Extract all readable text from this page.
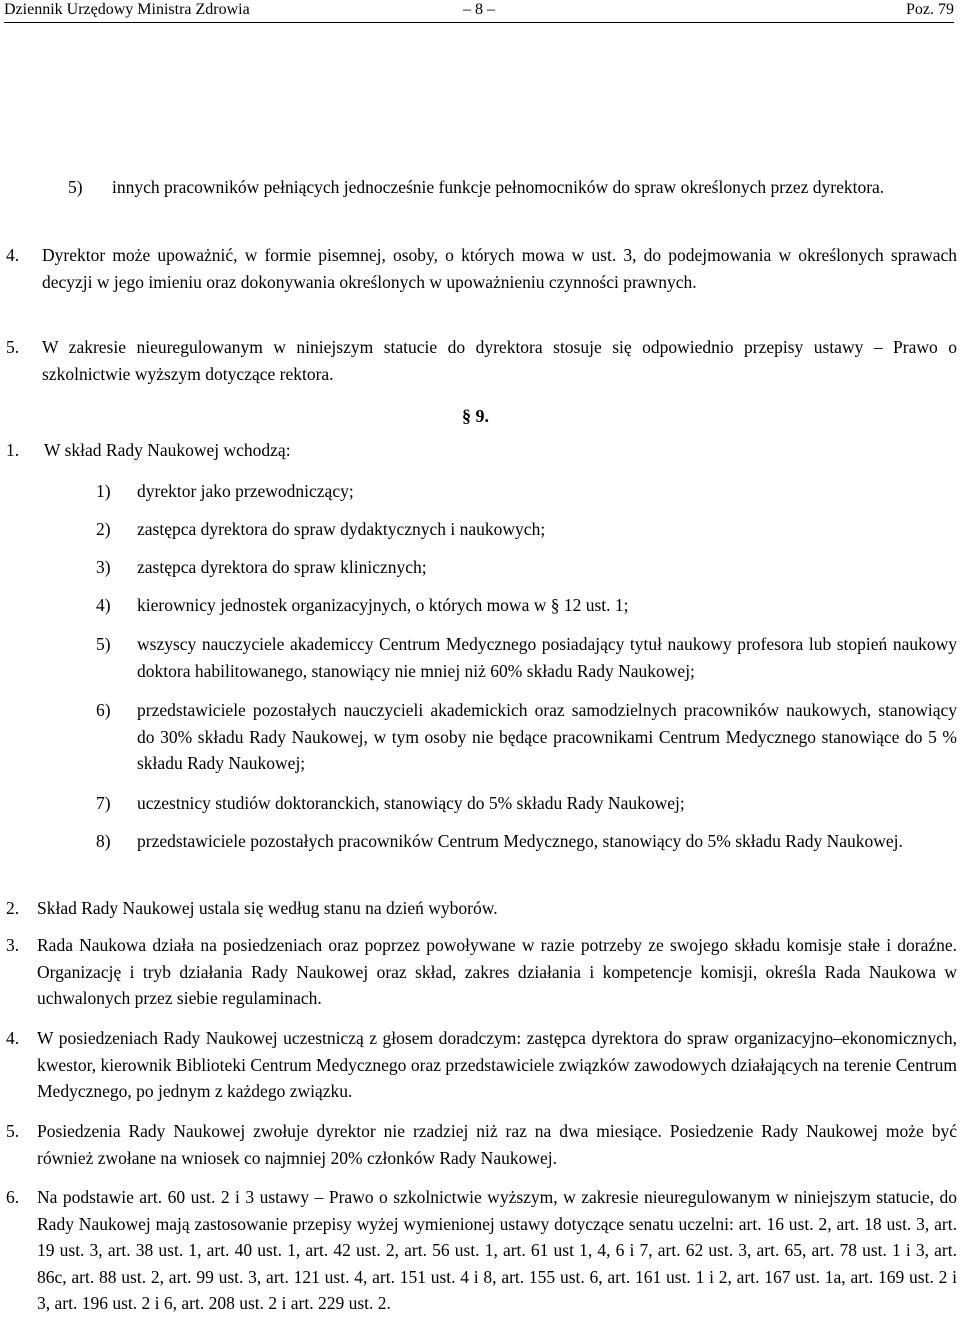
Dziennik Urzędowy Ministra Zdrowia	– 8 –	Poz. 79
5)	innych pracowników pełniących jednocześnie funkcje pełnomocników do spraw określonych przez dyrektora.
4. Dyrektor może upoważnić, w formie pisemnej, osoby, o których mowa w ust. 3, do podejmowania w określonych sprawach decyzji w jego imieniu oraz dokonywania określonych w upoważnieniu czynności prawnych.
5. W zakresie nieuregulowanym w niniejszym statucie do dyrektora stosuje się odpowiednio przepisy ustawy – Prawo o szkolnictwie wyższym dotyczące rektora.
§ 9.
1. W skład Rady Naukowej wchodzą:
1) dyrektor jako przewodniczący;
2) zastępca dyrektora do spraw dydaktycznych i naukowych;
3) zastępca dyrektora do spraw klinicznych;
4) kierownicy jednostek organizacyjnych, o których mowa w § 12 ust. 1;
5) wszyscy nauczyciele akademiccy Centrum Medycznego posiadający tytuł naukowy profesora lub stopień naukowy doktora habilitowanego, stanowiący nie mniej niż 60% składu Rady Naukowej;
6) przedstawiciele pozostałych nauczycieli akademickich oraz samodzielnych pracowników naukowych, stanowiący do 30% składu Rady Naukowej, w tym osoby nie będące pracownikami Centrum Medycznego stanowiące do 5 % składu Rady Naukowej;
7) uczestnicy studiów doktoranckich, stanowiący do 5% składu Rady Naukowej;
8) przedstawiciele pozostałych pracowników Centrum Medycznego, stanowiący do 5% składu Rady Naukowej.
2. Skład Rady Naukowej ustala się według stanu na dzień wyborów.
3. Rada Naukowa działa na posiedzeniach oraz poprzez powoływane w razie potrzeby ze swojego składu komisje stałe i doraźne. Organizację i tryb działania Rady Naukowej oraz skład, zakres działania i kompetencje komisji, określa Rada Naukowa w uchwalonych przez siebie regulaminach.
4. W posiedzeniach Rady Naukowej uczestniczą z głosem doradczym: zastępca dyrektora do spraw organizacyjno–ekonomicznych, kwestor, kierownik Biblioteki Centrum Medycznego oraz przedstawiciele związków zawodowych działających na terenie Centrum Medycznego, po jednym z każdego związku.
5. Posiedzenia Rady Naukowej zwołuje dyrektor nie rzadziej niż raz na dwa miesiące. Posiedzenie Rady Naukowej może być również zwołane na wniosek co najmniej 20% członków Rady Naukowej.
6. Na podstawie art. 60 ust. 2 i 3 ustawy – Prawo o szkolnictwie wyższym, w zakresie nieuregulowanym w niniejszym statucie, do Rady Naukowej mają zastosowanie przepisy wyżej wymienionej ustawy dotyczące senatu uczelni: art. 16 ust. 2, art. 18 ust. 3, art. 19 ust. 3, art. 38 ust. 1, art. 40 ust. 1, art. 42 ust. 2, art. 56 ust. 1, art. 61 ust 1, 4, 6 i 7, art. 62 ust. 3, art. 65, art. 78 ust. 1 i 3, art. 86c, art. 88 ust. 2, art. 99 ust. 3, art. 121 ust. 4, art. 151 ust. 4 i 8, art. 155 ust. 6, art. 161 ust. 1 i 2, art. 167 ust. 1a, art. 169 ust. 2 i 3, art. 196 ust. 2 i 6, art. 208 ust. 2 i art. 229 ust. 2.
